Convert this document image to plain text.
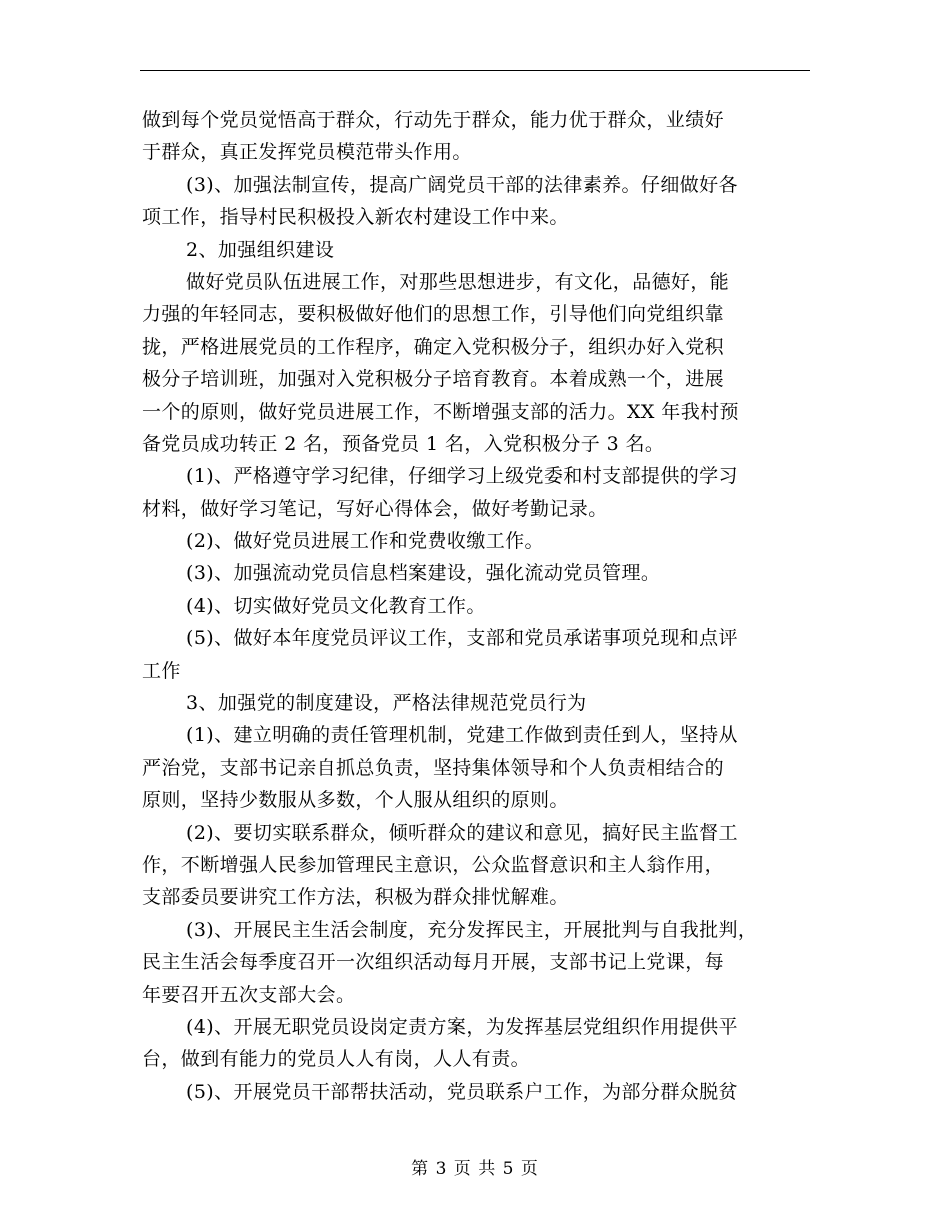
做到每个党员觉悟高于群众，行动先于群众，能力优于群众，业绩好
于群众，真正发挥党员模范带头作用。
(3)、加强法制宣传，提高广阔党员干部的法律素养。仔细做好各
项工作，指导村民积极投入新农村建设工作中来。
2、加强组织建设
做好党员队伍进展工作，对那些思想进步，有文化，品德好，能
力强的年轻同志，要积极做好他们的思想工作，引导他们向党组织靠
拢，严格进展党员的工作程序，确定入党积极分子，组织办好入党积
极分子培训班，加强对入党积极分子培育教育。本着成熟一个，进展
一个的原则，做好党员进展工作，不断增强支部的活力。XX 年我村预
备党员成功转正 2 名，预备党员 1 名，入党积极分子 3 名。
(1)、严格遵守学习纪律，仔细学习上级党委和村支部提供的学习
材料，做好学习笔记，写好心得体会，做好考勤记录。
(2)、做好党员进展工作和党费收缴工作。
(3)、加强流动党员信息档案建设，强化流动党员管理。
(4)、切实做好党员文化教育工作。
(5)、做好本年度党员评议工作，支部和党员承诺事项兑现和点评
工作
3、加强党的制度建设，严格法律规范党员行为
(1)、建立明确的责任管理机制，党建工作做到责任到人，坚持从
严治党，支部书记亲自抓总负责，坚持集体领导和个人负责相结合的
原则，坚持少数服从多数，个人服从组织的原则。
(2)、要切实联系群众，倾听群众的建议和意见，搞好民主监督工
作，不断增强人民参加管理民主意识，公众监督意识和主人翁作用，
支部委员要讲究工作方法，积极为群众排忧解难。
(3)、开展民主生活会制度，充分发挥民主，开展批判与自我批判，
民主生活会每季度召开一次组织活动每月开展，支部书记上党课，每
年要召开五次支部大会。
(4)、开展无职党员设岗定责方案，为发挥基层党组织作用提供平
台，做到有能力的党员人人有岗，人人有责。
(5)、开展党员干部帮扶活动，党员联系户工作，为部分群众脱贫
第 3 页 共 5 页
